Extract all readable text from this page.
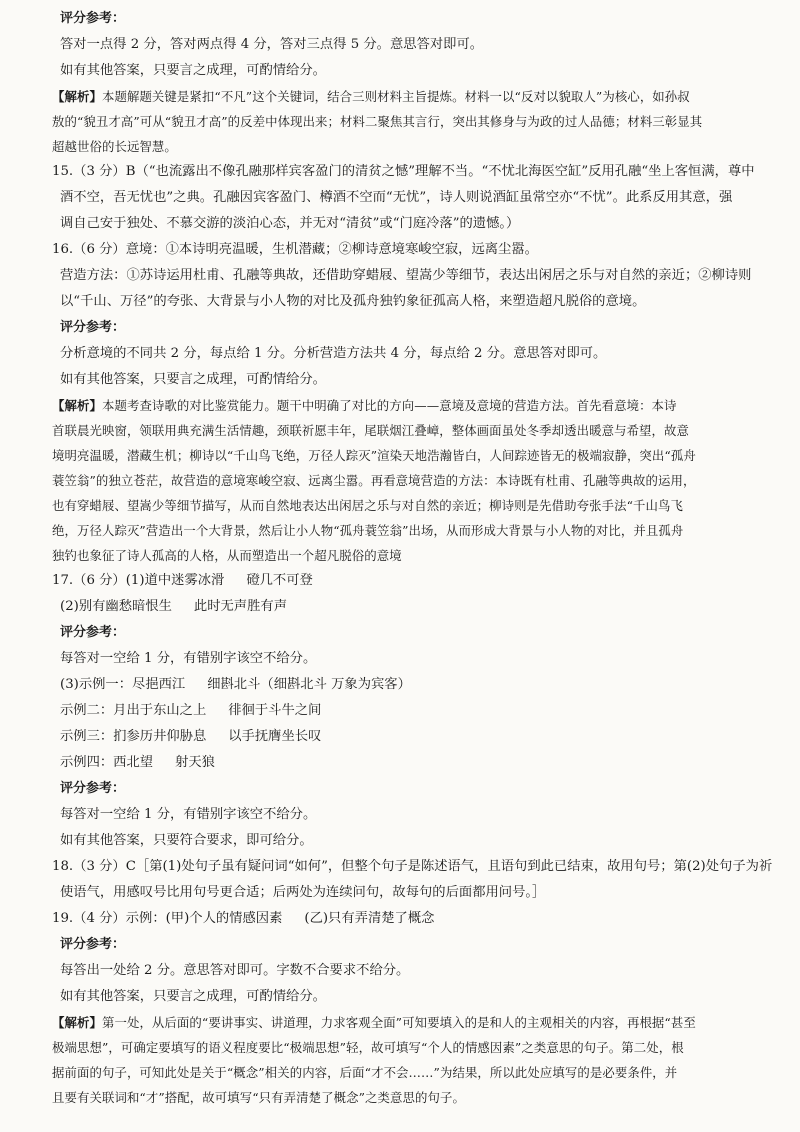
评分参考：
答对一点得 2 分，答对两点得 4 分，答对三点得 5 分。意思答对即可。
如有其他答案，只要言之成理，可酌情给分。
【解析】本题解题关键是紧扣“不凡”这个关键词，结合三则材料主旨提炼。材料一以“反对以貌取人”为核心，如孙叔
敖的“貌丑才高”可从“貌丑才高”的反差中体现出来；材料二聚焦其言行，突出其修身与为政的过人品德；材料三彰显其
超越世俗的长远智慧。
15.（3 分）B（“也流露出不像孔融那样宾客盈门的清贫之憾”理解不当。“不忧北海医空缸”反用孔融“坐上客恒满，尊中
酒不空，吾无忧也”之典。孔融因宾客盈门、樽酒不空而“无忧”，诗人则说酒缸虽常空亦“不忧”。此系反用其意，强
调自己安于独处、不慕交游的淡泊心态，并无对“清贫”或“门庭冷落”的遗憾。）
16.（6 分）意境：①本诗明亮温暖，生机潜藏；②柳诗意境寒峻空寂，远离尘嚣。
营造方法：①苏诗运用杜甫、孔融等典故，还借助穿蜡屐、望嵩少等细节，表达出闲居之乐与对自然的亲近；②柳诗则
以“千山、万径”的夸张、大背景与小人物的对比及孤舟独钓象征孤高人格，来塑造超凡脱俗的意境。
评分参考：
分析意境的不同共 2 分，每点给 1 分。分析营造方法共 4 分，每点给 2 分。意思答对即可。
如有其他答案，只要言之成理，可酌情给分。
【解析】本题考查诗歌的对比鉴赏能力。题干中明确了对比的方向——意境及意境的营造方法。首先看意境：本诗
首联晨光映窗，领联用典充满生活情趣，颈联祈愿丰年，尾联烟江叠嶂，整体画面虽处冬季却透出暖意与希望，故意
境明亮温暖，潜藏生机；柳诗以“千山鸟飞绝，万径人踪灭”渲染天地浩瀚皆白，人间踪迹皆无的极端寂静，突出“孤舟
蓑笠翁”的独立苍茫，故营造的意境寒峻空寂、远离尘嚣。再看意境营造的方法：本诗既有杜甫、孔融等典故的运用，
也有穿蜡屐、望嵩少等细节描写，从而自然地表达出闲居之乐与对自然的亲近；柳诗则是先借助夸张手法“千山鸟飞
绝，万径人踪灭”营造出一个大背景，然后让小人物“孤舟蓑笠翁”出场，从而形成大背景与小人物的对比，并且孤舟
独钓也象征了诗人孤高的人格，从而塑造出一个超凡脱俗的意境
17.（6 分）(1)道中迷雾冰滑 磴几不可登
(2)别有幽愁暗恨生 此时无声胜有声
评分参考：
每答对一空给 1 分，有错别字该空不给分。
(3)示例一：尽挹西江 细斟北斗（细斟北斗 万象为宾客）
示例二：月出于东山之上 徘徊于斗牛之间
示例三：扪参历井仰胁息 以手抚膺坐长叹
示例四：西北望 射天狼
评分参考：
每答对一空给 1 分，有错别字该空不给分。
如有其他答案，只要符合要求，即可给分。
18.（3 分）C［第(1)处句子虽有疑问词“如何”，但整个句子是陈述语气，且语句到此已结束，故用句号；第(2)处句子为祈
使语气，用感叹号比用句号更合适；后两处为连续问句，故每句的后面都用问号。］
19.（4 分）示例：(甲)个人的情感因素 (乙)只有弄清楚了概念
评分参考：
每答出一处给 2 分。意思答对即可。字数不合要求不给分。
如有其他答案，只要言之成理，可酌情给分。
【解析】第一处，从后面的“要讲事实、讲道理，力求客观全面”可知要填入的是和人的主观相关的内容，再根据“甚至
极端思想”，可确定要填写的语义程度要比“极端思想”轻，故可填写“个人的情感因素”之类意思的句子。第二处，根
据前面的句子，可知此处是关于“概念”相关的内容，后面“才不会……”为结果，所以此处应填写的是必要条件，并
且要有关联词和“才”搭配，故可填写“只有弄清楚了概念”之类意思的句子。
